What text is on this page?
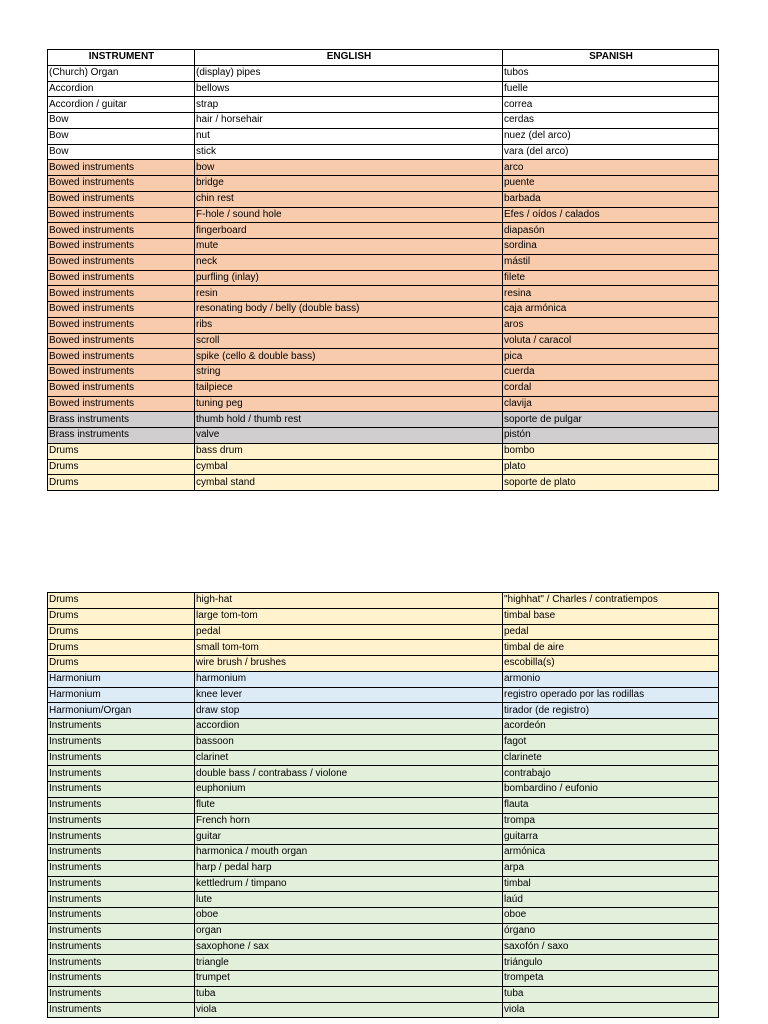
INSTRUMENT	ENGLISH	SPANISH
(Church) Organ	(display) pipes	tubos
Accordion	bellows	fuelle
Accordion / guitar	strap	correa
Bow	hair / horsehair	cerdas
Bow	nut	nuez (del arco)
Bow	stick	vara (del arco)
Bowed instruments	bow	arco
Bowed instruments	bridge	puente
Bowed instruments	chin rest	barbada
Bowed instruments	F-hole / sound hole	Efes / oídos / calados
Bowed instruments	fingerboard	diapasón
Bowed instruments	mute	sordina
Bowed instruments	neck	mástil
Bowed instruments	purfling (inlay)	filete
Bowed instruments	resin	resina
Bowed instruments	resonating body / belly (double bass)	caja armónica
Bowed instruments	ribs	aros
Bowed instruments	scroll	voluta / caracol
Bowed instruments	spike (cello & double bass)	pica
Bowed instruments	string	cuerda
Bowed instruments	tailpiece	cordal
Bowed instruments	tuning peg	clavija
Brass instruments	thumb hold / thumb rest	soporte de pulgar
Brass instruments	valve	pistón
Drums	bass drum	bombo
Drums	cymbal	plato
Drums	cymbal stand	soporte de plato
Drums	high-hat	"highhat" / Charles / contratiempos
Drums	large tom-tom	timbal base
Drums	pedal	pedal
Drums	small tom-tom	timbal de aire
Drums	wire brush / brushes	escobilla(s)
Harmonium	harmonium	armonio
Harmonium	knee lever	registro operado por las rodillas
Harmonium/Organ	draw stop	tirador (de registro)
Instruments	accordion	acordeón
Instruments	bassoon	fagot
Instruments	clarinet	clarinete
Instruments	double bass / contrabass / violone	contrabajo
Instruments	euphonium	bombardino / eufonio
Instruments	flute	flauta
Instruments	French horn	trompa
Instruments	guitar	guitarra
Instruments	harmonica / mouth organ	armónica
Instruments	harp / pedal harp	arpa
Instruments	kettledrum / timpano	timbal
Instruments	lute	laúd
Instruments	oboe	oboe
Instruments	organ	órgano
Instruments	saxophone / sax	saxofón / saxo
Instruments	triangle	triángulo
Instruments	trumpet	trompeta
Instruments	tuba	tuba
Instruments	viola	viola
